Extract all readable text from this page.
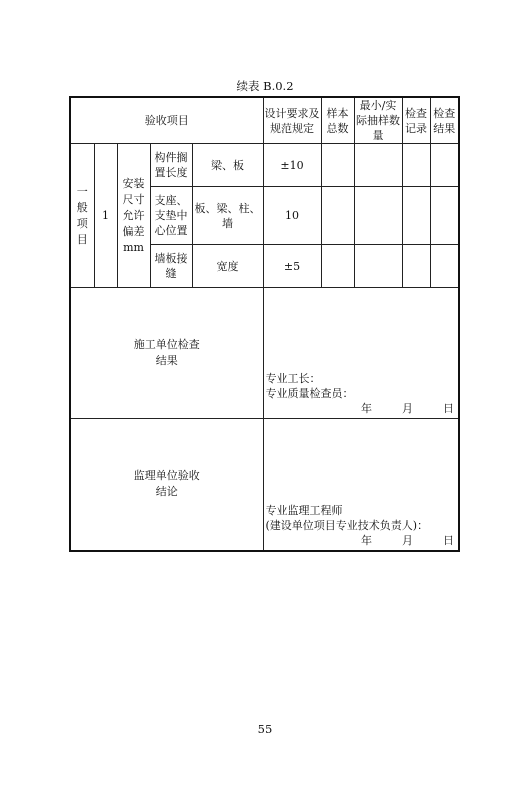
续表 B.0.2
验收项目					设计要求及规范规定	样本总数	最小/实际抽样数量	检查记录	检查结果
一般项目	1	安装尺寸允许偏差mm	构件搁置长度	梁、板	±10				
			支座、支垫中心位置	板、梁、柱、墙	10				
			墙板接缝	宽度	±5				

施工单位检查
结果					专业工长：
专业质量检查员：
年 月 日				

监理单位验收
结论					专业监理工程师
(建设单位项目专业技术负责人)：
年 月 日				
55
